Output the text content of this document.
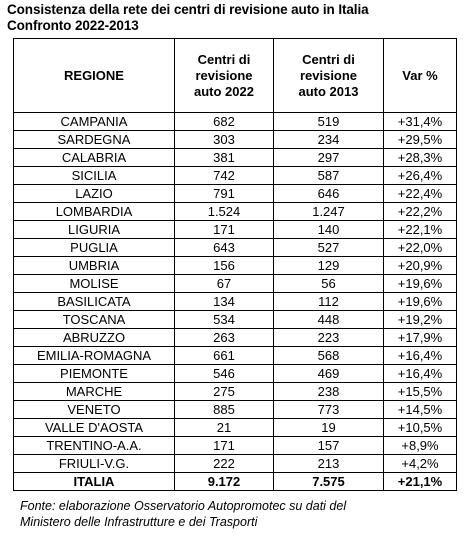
Consistenza della rete dei centri di revisione auto in Italia
Confronto 2022-2013
REGIONE	Centri di revisione auto 2022	Centri di revisione auto 2013	Var %
CAMPANIA	682	519	+31,4%
SARDEGNA	303	234	+29,5%
CALABRIA	381	297	+28,3%
SICILIA	742	587	+26,4%
LAZIO	791	646	+22,4%
LOMBARDIA	1.524	1.247	+22,2%
LIGURIA	171	140	+22,1%
PUGLIA	643	527	+22,0%
UMBRIA	156	129	+20,9%
MOLISE	67	56	+19,6%
BASILICATA	134	112	+19,6%
TOSCANA	534	448	+19,2%
ABRUZZO	263	223	+17,9%
EMILIA-ROMAGNA	661	568	+16,4%
PIEMONTE	546	469	+16,4%
MARCHE	275	238	+15,5%
VENETO	885	773	+14,5%
VALLE D'AOSTA	21	19	+10,5%
TRENTINO-A.A.	171	157	+8,9%
FRIULI-V.G.	222	213	+4,2%
ITALIA	9.172	7.575	+21,1%
Fonte: elaborazione Osservatorio Autopromotec su dati del
Ministero delle Infrastrutture e dei Trasporti
